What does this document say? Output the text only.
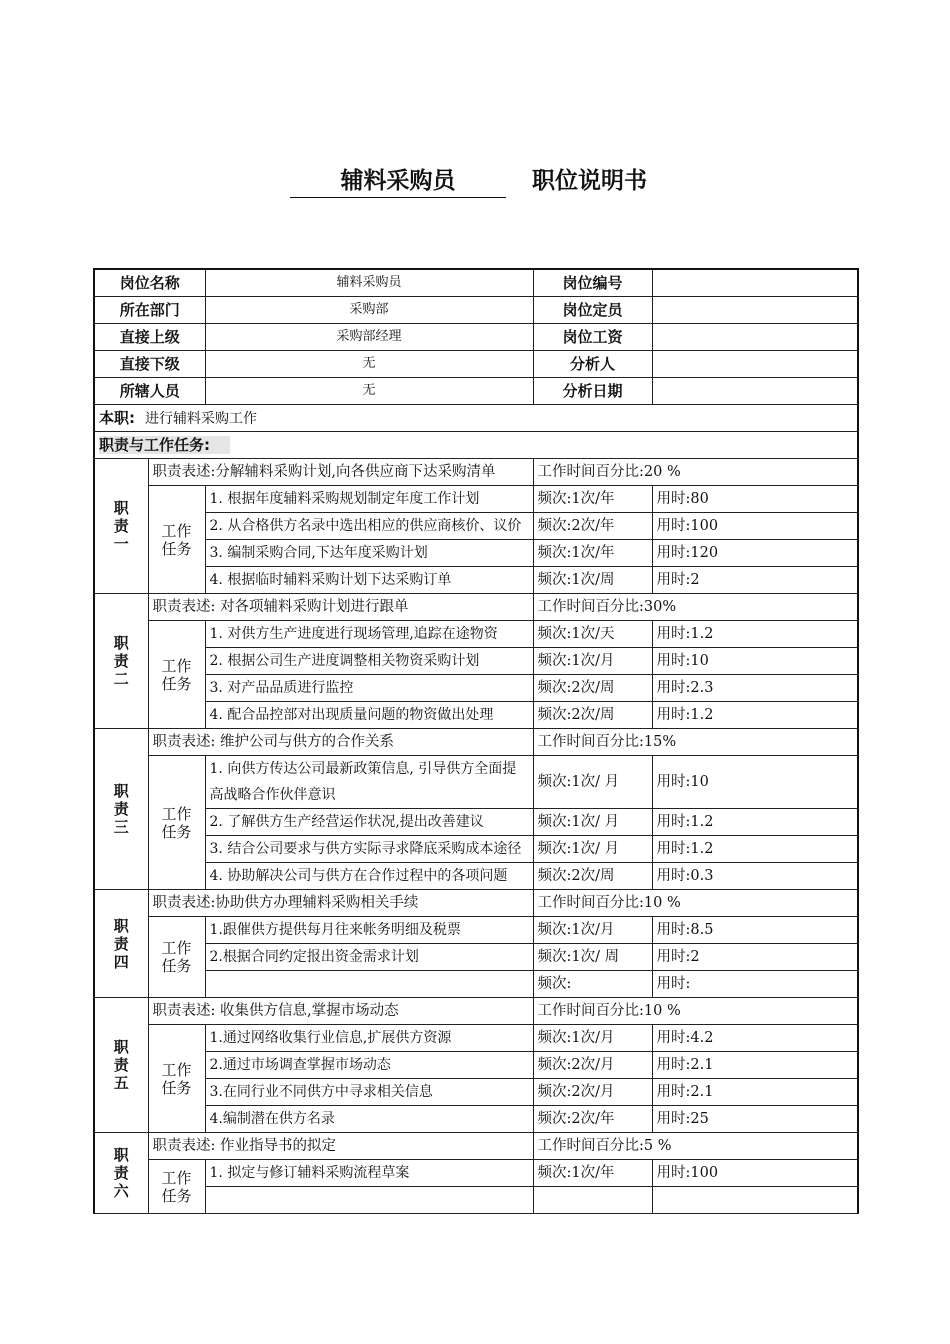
辅料采购员	职位说明书
岗位名称		辅料采购员	岗位编号	
所在部门		采购部	岗位定员	
直接上级		采购部经理	岗位工资	
直接下级		无	分析人	
所辖人员		无	分析日期	
本职: 进行辅料采购工作				
职责与工作任务:				

职
责
一	职责表述:分解辅料采购计划,向各供应商下达采购清单		工作时间百分比:20 %	

	工作
任务	1. 根据年度辅料采购规划制定年度工作计划	频次:1次/年	用时:80
		2. 从合格供方名录中选出相应的供应商核价、议价	频次:2次/年	用时:100
		3. 编制采购合同,下达年度采购计划	频次:1次/年	用时:120
		4. 根据临时辅料采购计划下达采购订单	频次:1次/周	用时:2

职
责
二	职责表述: 对各项辅料采购计划进行跟单		工作时间百分比:30%	

	工作
任务	1. 对供方生产进度进行现场管理,追踪在途物资	频次:1次/天	用时:1.2
		2. 根据公司生产进度调整相关物资采购计划	频次:1次/月	用时:10
		3. 对产品品质进行监控	频次:2次/周	用时:2.3
		4. 配合品控部对出现质量问题的物资做出处理	频次:2次/周	用时:1.2

职
责
三	职责表述: 维护公司与供方的合作关系		工作时间百分比:15%	

	工作
任务	1. 向供方传达公司最新政策信息, 引导供方全面提高战略合作伙伴意识	频次:1次/ 月	用时:10
		2. 了解供方生产经营运作状况,提出改善建议	频次:1次/ 月	用时:1.2
		3. 结合公司要求与供方实际寻求降底采购成本途径	频次:1次/ 月	用时:1.2
		4. 协助解决公司与供方在合作过程中的各项问题	频次:2次/周	用时:0.3

职
责
四	职责表述:协助供方办理辅料采购相关手续		工作时间百分比:10 %	

	工作
任务	1.跟催供方提供每月往来帐务明细及税票	频次:1次/月	用时:8.5
		2.根据合同约定报出资金需求计划	频次:1次/ 周	用时:2
			频次:	用时:

职
责
五	职责表述: 收集供方信息,掌握市场动态		工作时间百分比:10 %	

	工作
任务	1.通过网络收集行业信息,扩展供方资源	频次:1次/月	用时:4.2
		2.通过市场调查掌握市场动态	频次:2次/月	用时:2.1
		3.在同行业不同供方中寻求相关信息	频次:2次/月	用时:2.1
		4.编制潜在供方名录	频次:2次/年	用时:25

职
责
六	职责表述: 作业指导书的拟定		工作时间百分比:5 %	

	工作
任务	1. 拟定与修订辅料采购流程草案	频次:1次/年	用时:100
